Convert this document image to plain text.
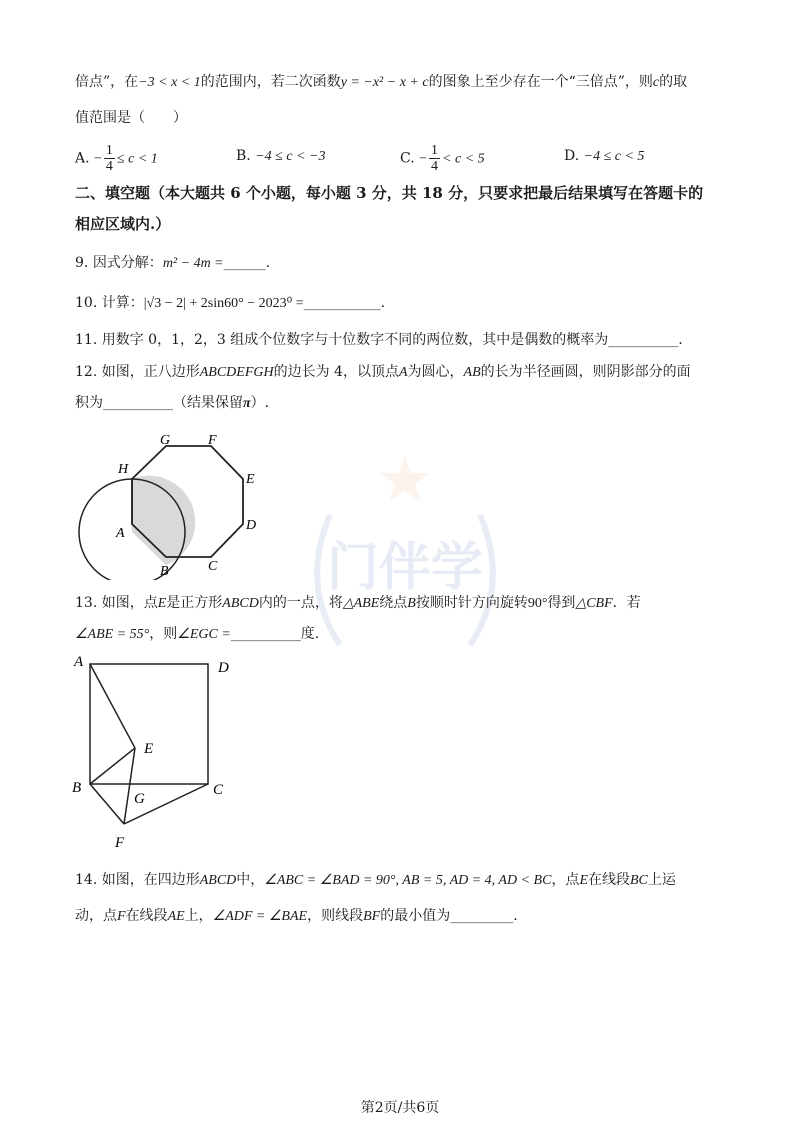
门伴学
倍点”，在−3 < x < 1的范围内，若二次函数y = −x² − x + c的图象上至少存在一个“三倍点”，则c的取
值范围是（　　）
A. − $\frac{1}{4} \le c < 1$	B. −4 ≤ c < −3	C. − $\frac{1}{4} < c < 5$	D. −4 ≤ c < 5
二、填空题（本大题共 6 个小题，每小题 3 分，共 18 分，只要求把最后结果填写在答题卡的
相应区域内.）
9. 因式分解：m² − 4m =______.
10. 计算：|√3 − 2| + 2sin60° − 2023⁰ =___________.
11. 用数字 0，1，2，3 组成个位数字与十位数字不同的两位数，其中是偶数的概率为__________.
12. 如图，正八边形ABCDEFGH的边长为 4，以顶点A为圆心，AB的长为半径画圆，则阴影部分的面
积为__________（结果保留π）.
G	F
H
E
D
A
B	C
13. 如图，点E是正方形ABCD内的一点，将△ABE绕点B按顺时针方向旋转90°得到△CBF．若
∠ABE = 55°，则∠EGC =__________度.
A	D
E
B
G
C
F
14. 如图，在四边形ABCD中，∠ABC = ∠BAD = 90°, AB = 5, AD = 4, AD < BC，点E在线段BC上运
动，点F在线段AE上，∠ADF = ∠BAE，则线段BF的最小值为_________.
第2页/共6页
